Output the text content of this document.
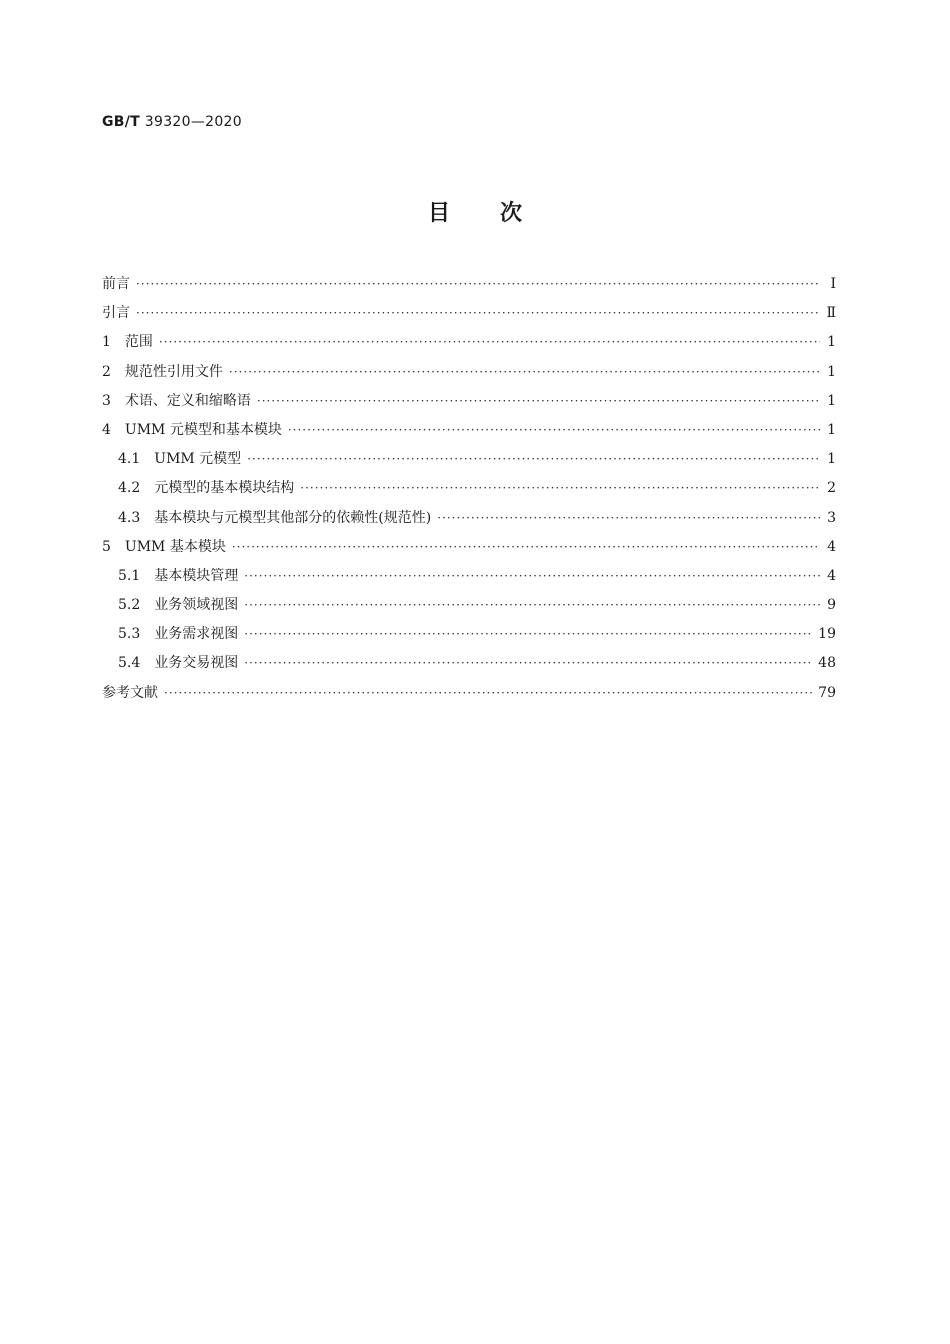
GB/T 39320—2020
目次
前言 ·····	Ⅰ
引言 ·····	Ⅱ
1 范围 ·····	1
2 规范性引用文件 ·····	1
3 术语、定义和缩略语 ·····	1
4 UMM 元模型和基本模块 ·····	1
4.1 UMM 元模型 ·····	1
4.2 元模型的基本模块结构 ·····	2
4.3 基本模块与元模型其他部分的依赖性(规范性) ·····	3
5 UMM 基本模块 ·····	4
5.1 基本模块管理 ·····	4
5.2 业务领域视图 ·····	9
5.3 业务需求视图 ·····	19
5.4 业务交易视图 ·····	48
参考文献 ·····	79
